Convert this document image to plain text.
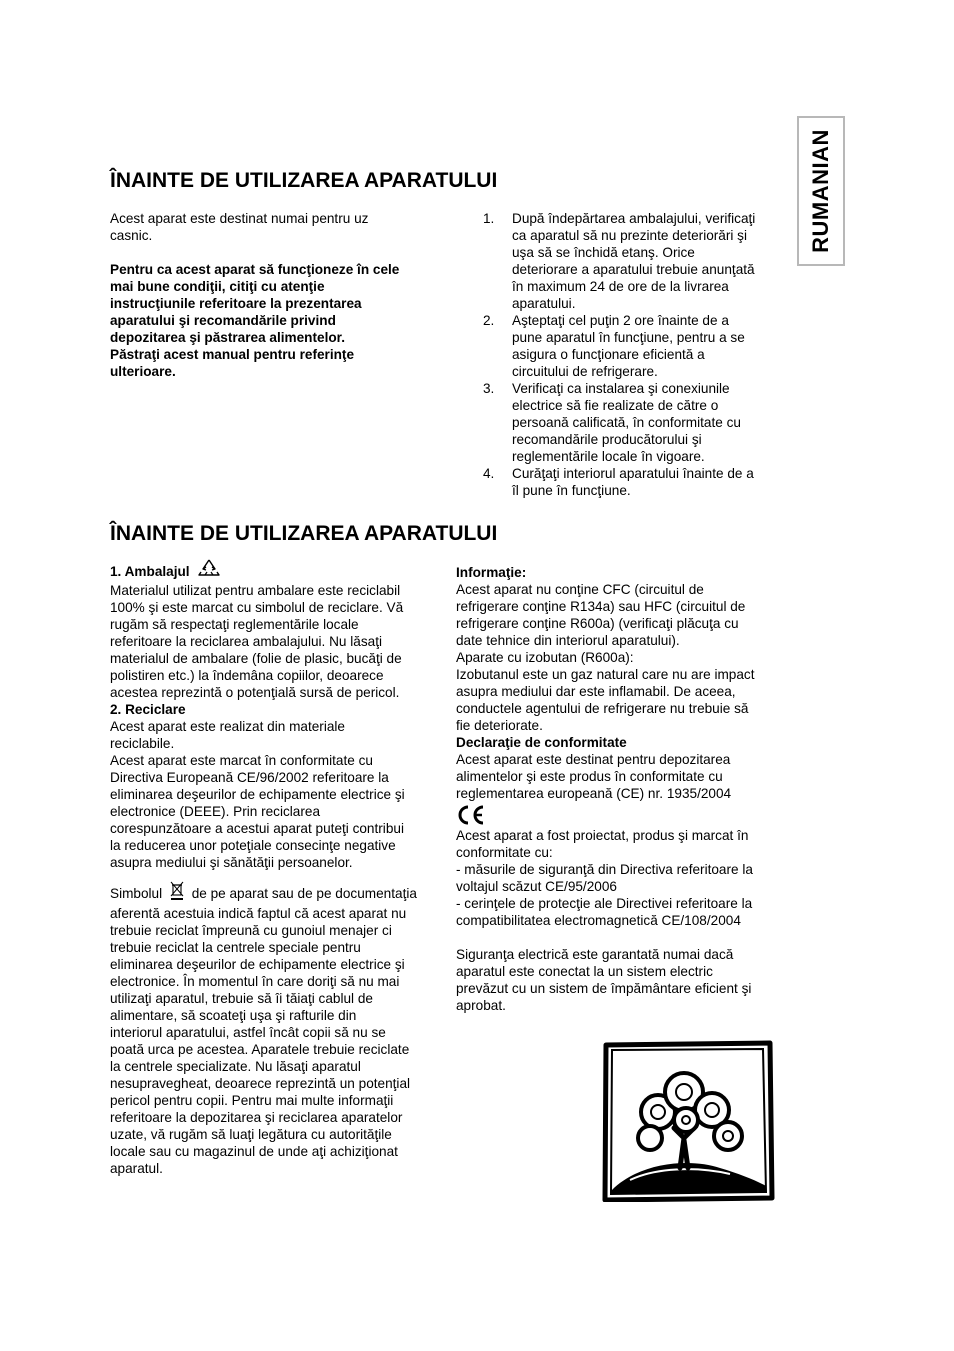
RUMANIAN
ÎNAINTE DE UTILIZAREA APARATULUI
Acest aparat este destinat numai pentru uz
casnic.
Pentru ca acest aparat să funcţioneze în cele
mai bune condiţii, citiţi cu atenţie
instrucţiunile referitoare la prezentarea
aparatului şi recomandările privind
depozitarea şi păstrarea alimentelor.
Păstraţi acest manual pentru referinţe
ulterioare.
1. După îndepărtarea ambalajului, verificaţi
ca aparatul să nu prezinte deteriorări şi
uşa să se închidă etanş. Orice
deteriorare a aparatului trebuie anunţată
în maximum 24 de ore de la livrarea
aparatului.
2. Aşteptaţi cel puţin 2 ore înainte de a
pune aparatul în funcţiune, pentru a se
asigura o funcţionare eficientă a
circuitului de refrigerare.
3. Verificaţi ca instalarea şi conexiunile
electrice să fie realizate de către o
persoană calificată, în conformitate cu
recomandările producătorului şi
reglementările locale în vigoare.
4. Curăţaţi interiorul aparatului înainte de a
îl pune în funcţiune.
ÎNAINTE DE UTILIZAREA APARATULUI
1. Ambalajul
Materialul utilizat pentru ambalare este reciclabil
100% şi este marcat cu simbolul de reciclare. Vă
rugăm să respectaţi reglementările locale
referitoare la reciclarea ambalajului. Nu lăsaţi
materialul de ambalare (folie de plasic, bucăţi de
polistiren etc.) la îndemâna copiilor, deoarece
acestea reprezintă o potenţială sursă de pericol.
2. Reciclare
Acest aparat este realizat din materiale
reciclabile.
Acest aparat este marcat în conformitate cu
Directiva Europeană CE/96/2002 referitoare la
eliminarea deşeurilor de echipamente electrice şi
electronice (DEEE). Prin reciclarea
corespunzătoare a acestui aparat puteţi contribui
la reducerea unor poteţiale consecinţe negative
asupra mediului şi sănătăţii persoanelor.
Simbolul  de pe aparat sau de pe documentaţia
aferentă acestuia indică faptul că acest aparat nu
trebuie reciclat împreună cu gunoiul menajer ci
trebuie reciclat la centrele speciale pentru
eliminarea deşeurilor de echipamente electrice şi
electronice. În momentul în care doriţi să nu mai
utilizaţi aparatul, trebuie să îi tăiaţi cablul de
alimentare, să scoateţi uşa şi rafturile din
interiorul aparatului, astfel încât copii să nu se
poată urca pe acestea. Aparatele trebuie reciclate
la centrele specializate. Nu lăsaţi aparatul
nesupravegheat, deoarece reprezintă un potenţial
pericol pentru copii. Pentru mai multe informaţii
referitoare la depozitarea şi reciclarea aparatelor
uzate, vă rugăm să luaţi legătura cu autorităţile
locale sau cu magazinul de unde aţi achiziţionat
aparatul.
Informaţie:
Acest aparat nu conţine CFC (circuitul de
refrigerare conţine R134a) sau HFC (circuitul de
refrigerare conţine R600a) (verificaţi plăcuţa cu
date tehnice din interiorul aparatului).
Aparate cu izobutan (R600a):
Izobutanul este un gaz natural care nu are impact
asupra mediului dar este inflamabil. De aceea,
conductele agentului de refrigerare nu trebuie să
fie deteriorate.
Declaraţie de conformitate
Acest aparat este destinat pentru depozitarea
alimentelor şi este produs în conformitate cu
reglementarea europeană (CE) nr. 1935/2004
Acest aparat a fost proiectat, produs şi marcat în
conformitate cu:
- măsurile de siguranţă din Directiva referitoare la
voltajul scăzut CE/95/2006
- cerinţele de protecţie ale Directivei referitoare la
compatibilitatea electromagnetică CE/108/2004
Siguranţa electrică este garantată numai dacă
aparatul este conectat la un sistem electric
prevăzut cu un sistem de împământare eficient şi
aprobat.
